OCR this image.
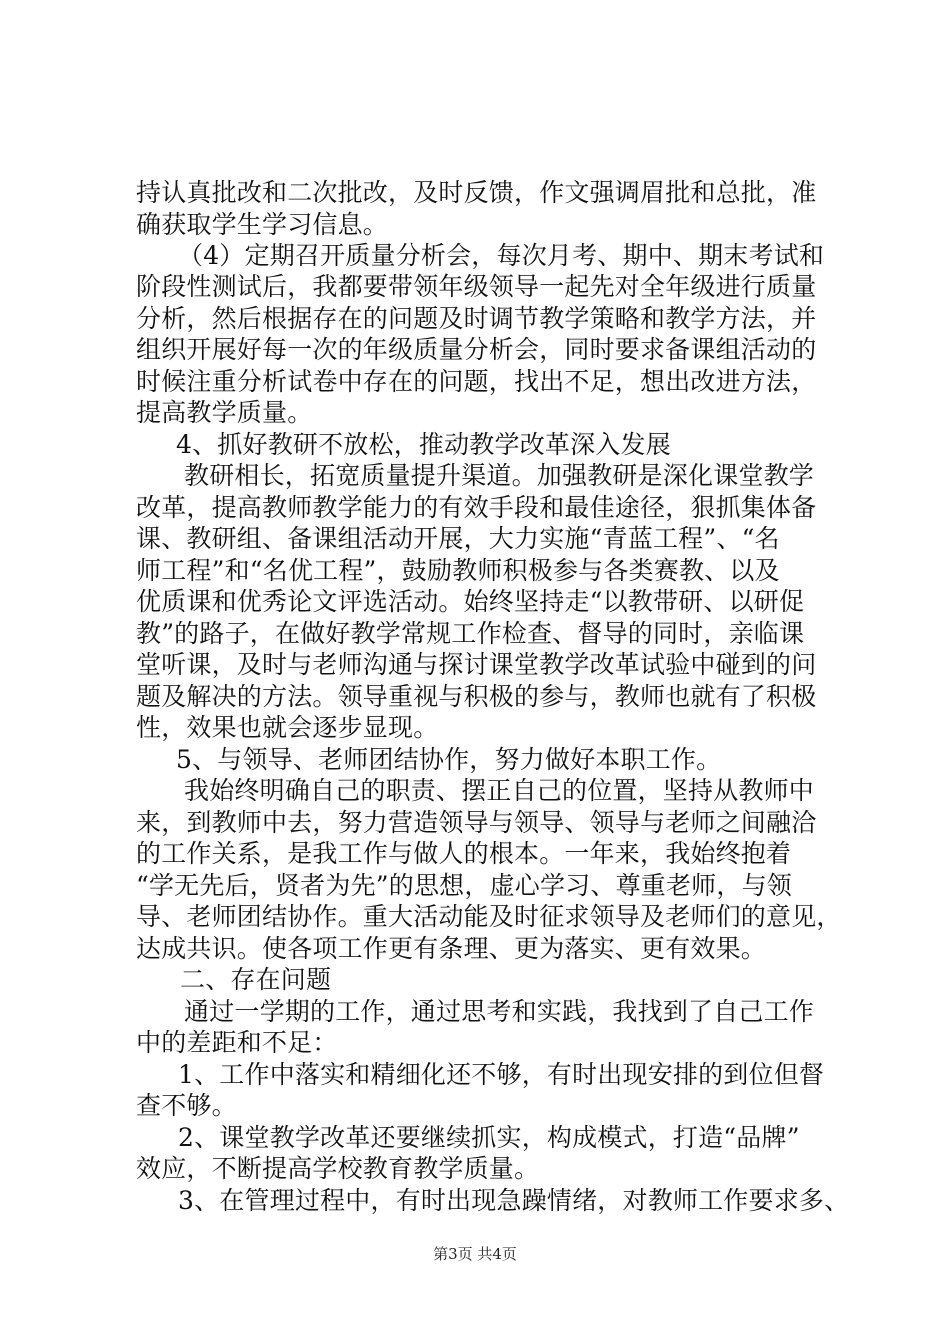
持认真批改和二次批改，及时反馈，作文强调眉批和总批，准
确获取学生学习信息。
（4）定期召开质量分析会，每次月考、期中、期末考试和
阶段性测试后，我都要带领年级领导一起先对全年级进行质量
分析，然后根据存在的问题及时调节教学策略和教学方法，并
组织开展好每一次的年级质量分析会，同时要求备课组活动的
时候注重分析试卷中存在的问题，找出不足，想出改进方法，
提高教学质量。
4、抓好教研不放松，推动教学改革深入发展
教研相长，拓宽质量提升渠道。加强教研是深化课堂教学
改革，提高教师教学能力的有效手段和最佳途径，狠抓集体备
课、教研组、备课组活动开展，大力实施“青蓝工程”、“名
师工程”和“名优工程”，鼓励教师积极参与各类赛教、以及
优质课和优秀论文评选活动。始终坚持走“以教带研、以研促
教”的路子，在做好教学常规工作检查、督导的同时，亲临课
堂听课，及时与老师沟通与探讨课堂教学改革试验中碰到的问
题及解决的方法。领导重视与积极的参与，教师也就有了积极
性，效果也就会逐步显现。
5、与领导、老师团结协作，努力做好本职工作。
我始终明确自己的职责、摆正自己的位置，坚持从教师中
来，到教师中去，努力营造领导与领导、领导与老师之间融洽
的工作关系，是我工作与做人的根本。一年来，我始终抱着
“学无先后，贤者为先”的思想，虚心学习、尊重老师，与领
导、老师团结协作。重大活动能及时征求领导及老师们的意见，
达成共识。使各项工作更有条理、更为落实、更有效果。
二、存在问题
通过一学期的工作，通过思考和实践，我找到了自己工作
中的差距和不足：
1、工作中落实和精细化还不够，有时出现安排的到位但督
查不够。
2、课堂教学改革还要继续抓实，构成模式，打造“品牌”
效应，不断提高学校教育教学质量。
3、在管理过程中，有时出现急躁情绪，对教师工作要求多、
第3页 共4页
